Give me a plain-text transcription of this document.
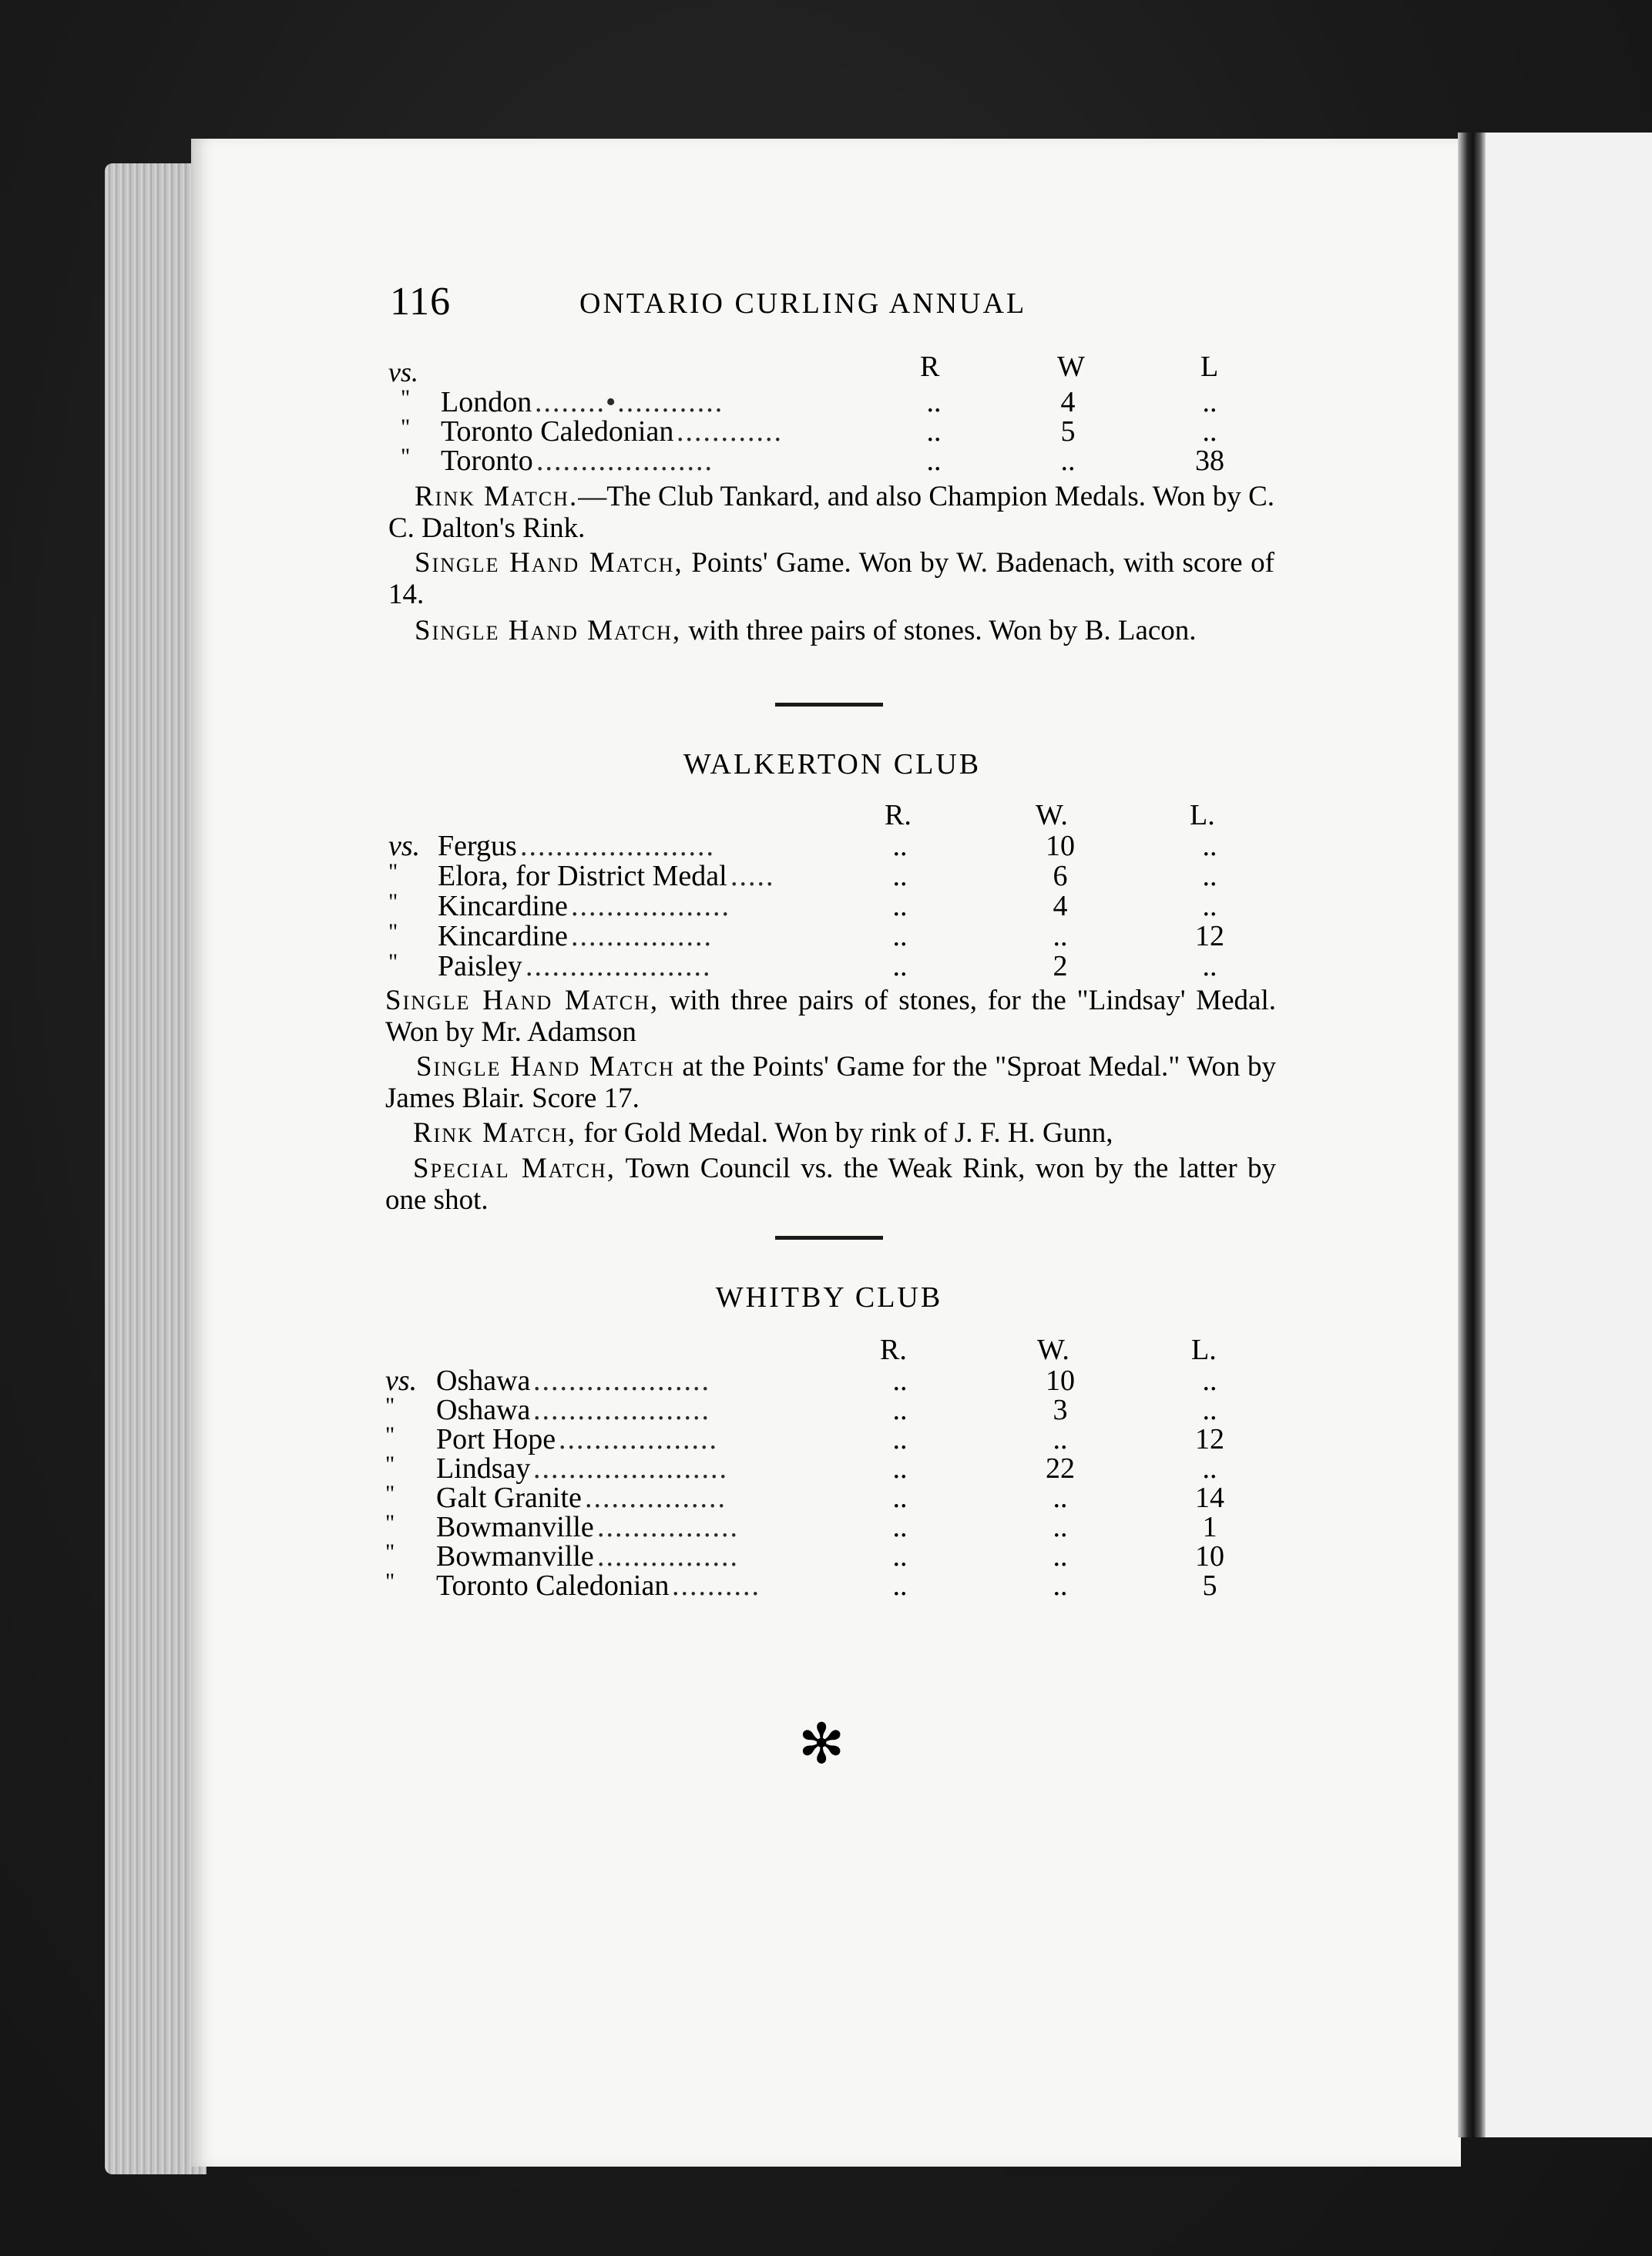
116	ONTARIO CURLING ANNUAL
R	W	L
vs.
" London	..	4	..
........•............
" Toronto Caledonian	..	5	..
............
" Toronto	..	..	38
....................
Rink Match.—The Club Tankard, and also Champion Medals. Won by C. C. Dalton's Rink.
Single Hand Match, Points' Game. Won by W. Badenach, with score of 14.
Single Hand Match, with three pairs of stones. Won by B. Lacon.
WALKERTON CLUB
R.	W.	L.
vs. Fergus	..	10	..
......................
" Elora, for District Medal	..	6	..
.....
" Kincardine	..	4	..
..................
" Kincardine	..	..	12
................
" Paisley	..	2	..
.....................
Single Hand Match, with three pairs of stones, for the "Lindsay' Medal. Won by Mr. Adamson
Single Hand Match at the Points' Game for the "Sproat Medal." Won by James Blair. Score 17.
Rink Match, for Gold Medal. Won by rink of J. F. H. Gunn,
Special Match, Town Council vs. the Weak Rink, won by the latter by one shot.
WHITBY CLUB
R.	W.	L.
vs. Oshawa	..	10	..
....................
" Oshawa	..	3	..
....................
" Port Hope	..	..	12
..................
" Lindsay	..	22	..
......................
" Galt Granite	..	..	14
................
" Bowmanville	..	..	1
................
" Bowmanville	..	..	10
................
" Toronto Caledonian	..	..	5
..........
✻
